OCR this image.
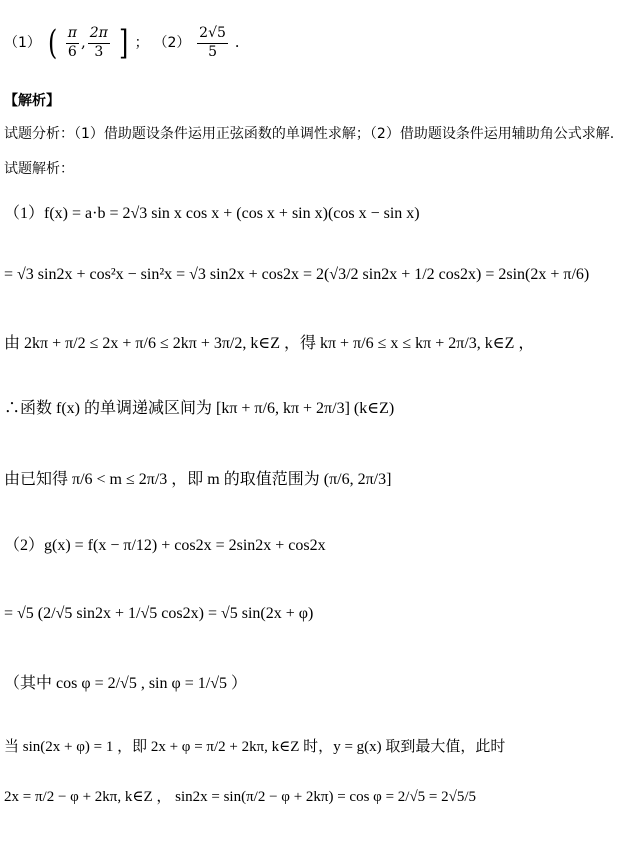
（1） ( $\frac{\pi}{6}$ , $\frac{2\pi}{3}$ ] ； $(2) \frac{2√5}{5}$ .
【解析】
试题分析：（1）借助题设条件运用正弦函数的单调性求解；（2）借助题设条件运用辅助角公式求解.
试题解析：
（1）f(x) = a·b = 2√3 sin x cos x + (cos x + sin x)(cos x − sin x)
= √3 sin2x + cos²x − sin²x = √3 sin2x + cos2x = 2(√3/2 sin2x + 1/2 cos2x) = 2sin(2x + π/6)
由 2kπ + π/2 ≤ 2x + π/6 ≤ 2kπ + 3π/2, k∈Z ，得 kπ + π/6 ≤ x ≤ kπ + 2π/3, k∈Z ，
∴函数 f(x) 的单调递减区间为 [kπ + π/6, kπ + 2π/3] (k∈Z)
由已知得 π/6 < m ≤ 2π/3 ，即 m 的取值范围为 (π/6, 2π/3]
（2）g(x) = f(x − π/12) + cos2x = 2sin2x + cos2x
= √5 (2/√5 sin2x + 1/√5 cos2x) = √5 sin(2x + φ)
（其中 cos φ = 2/√5 , sin φ = 1/√5 ）
当 sin(2x + φ) = 1 ，即 2x + φ = π/2 + 2kπ, k∈Z 时，y = g(x) 取到最大值，此时
2x = π/2 − φ + 2kπ, k∈Z ， sin2x = sin(π/2 − φ + 2kπ) = cos φ = 2/√5 = 2√5/5
